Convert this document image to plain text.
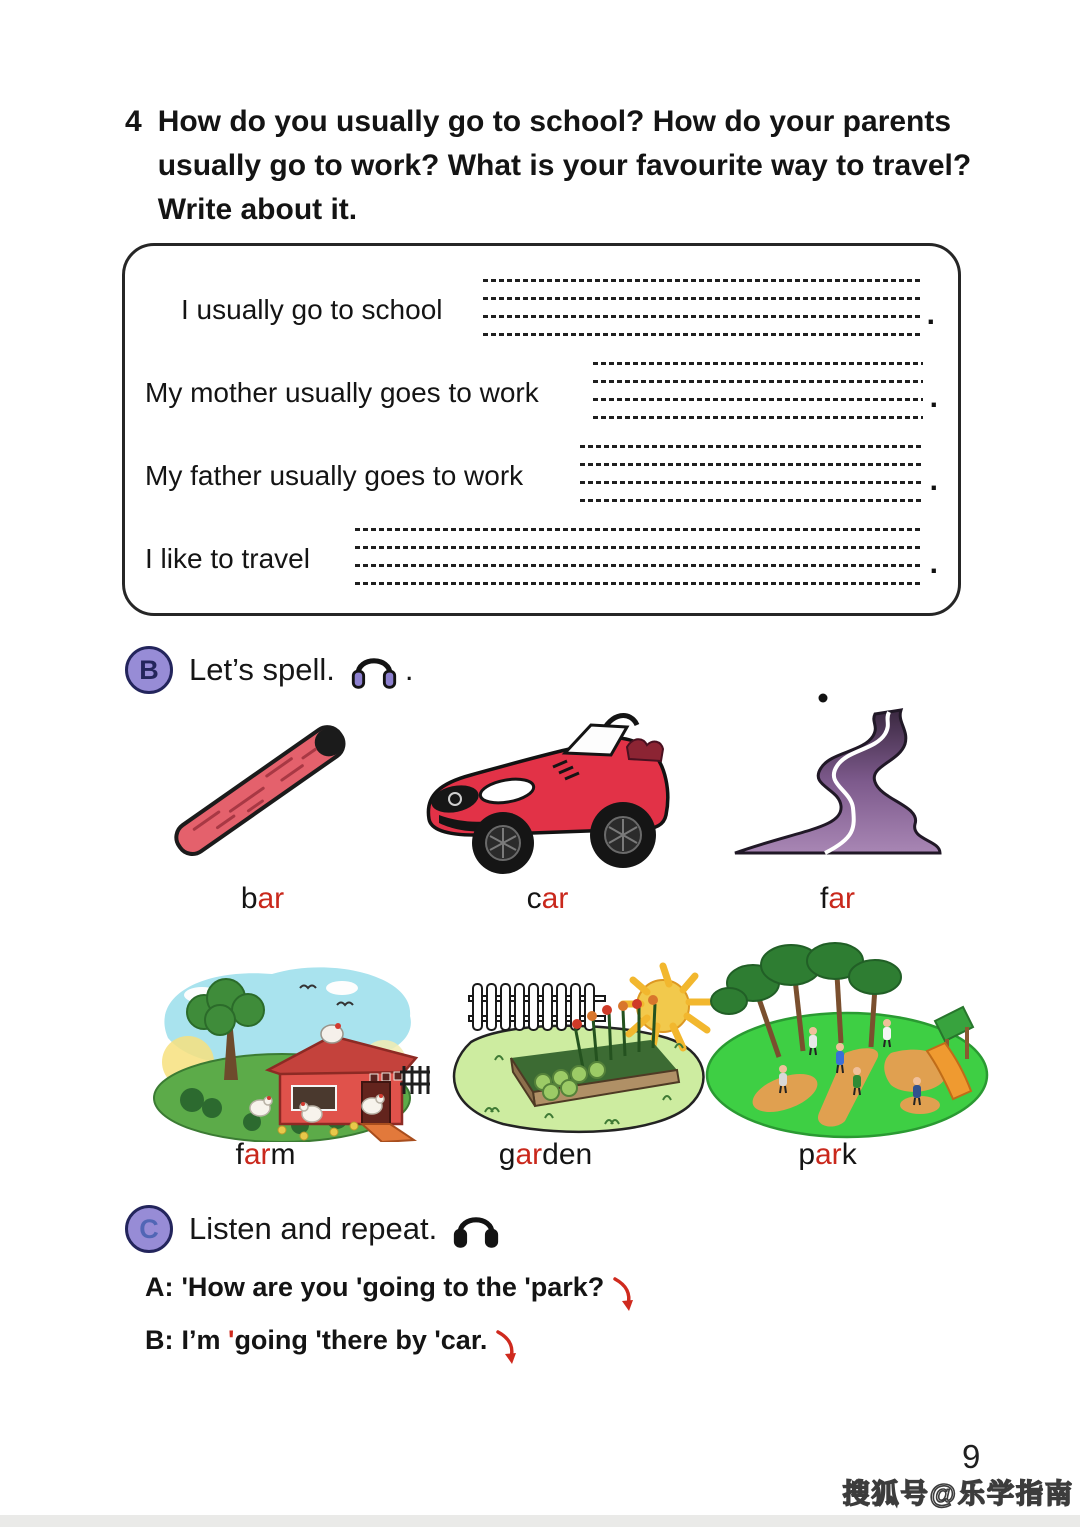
4 How do you usually go to school? How do your parents
usually go to work? What is your favourite way to travel?
Write about it.
I usually go to school	.
My mother usually goes to work	.
My father usually goes to work	.
I like to travel	.
B Let’s spell. .
bar	car	far
farm	garden	park
C Listen and repeat.
A: 'How are you 'going to the 'park?
B: I’m 'going 'there by 'car.
9
搜狐号@乐学指南
